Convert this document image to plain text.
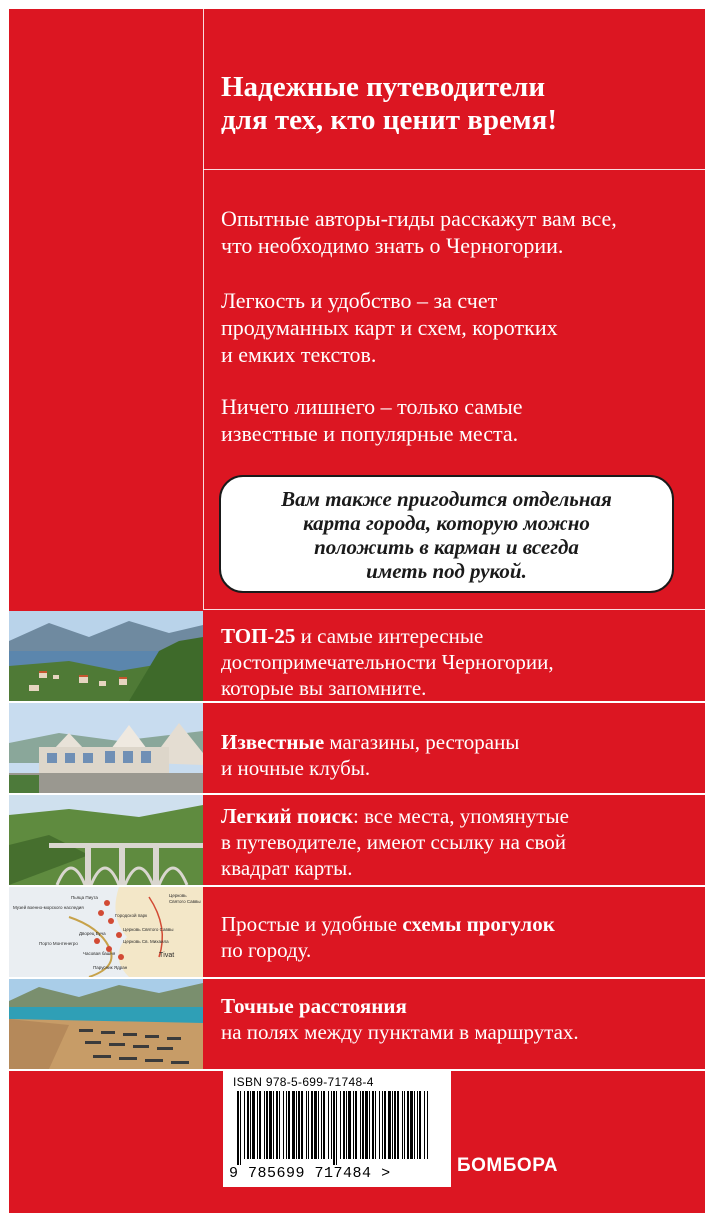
Надежные путеводители
для тех, кто ценит время!

Опытные авторы-гиды расскажут вам все,
что необходимо знать о Черногории.

Легкость и удобство – за счет
продуманных карт и схем, коротких
и емких текстов.

Ничего лишнего – только самые
известные и популярные места.

Вам также пригодится отдельная
карта города, которую можно
положить в карман и всегда
иметь под рукой.

Пьяца Пиута
Музей военно-морского наследия
Городской парк
Церковь
Святого Саввы
Дворец Буча
Церковь Святого Саввы
Порто Монтенегро	Церковь Св. Михаила
Часовая башня	Тivat
Парусник Ядран

ТОП-25 и самые интересные
достопримечательности Черногории,
которые вы запомните.

Известные магазины, рестораны
и ночные клубы.

Легкий поиск: все места, упомянутые
в путеводителе, имеют ссылку на свой
квадрат карты.

Простые и удобные схемы прогулок
по городу.

Точные расстояния
на полях между пунктами в маршрутах.

ISBN 978-5-699-71748-4
9 785699 717484 >	БОМБОРА
